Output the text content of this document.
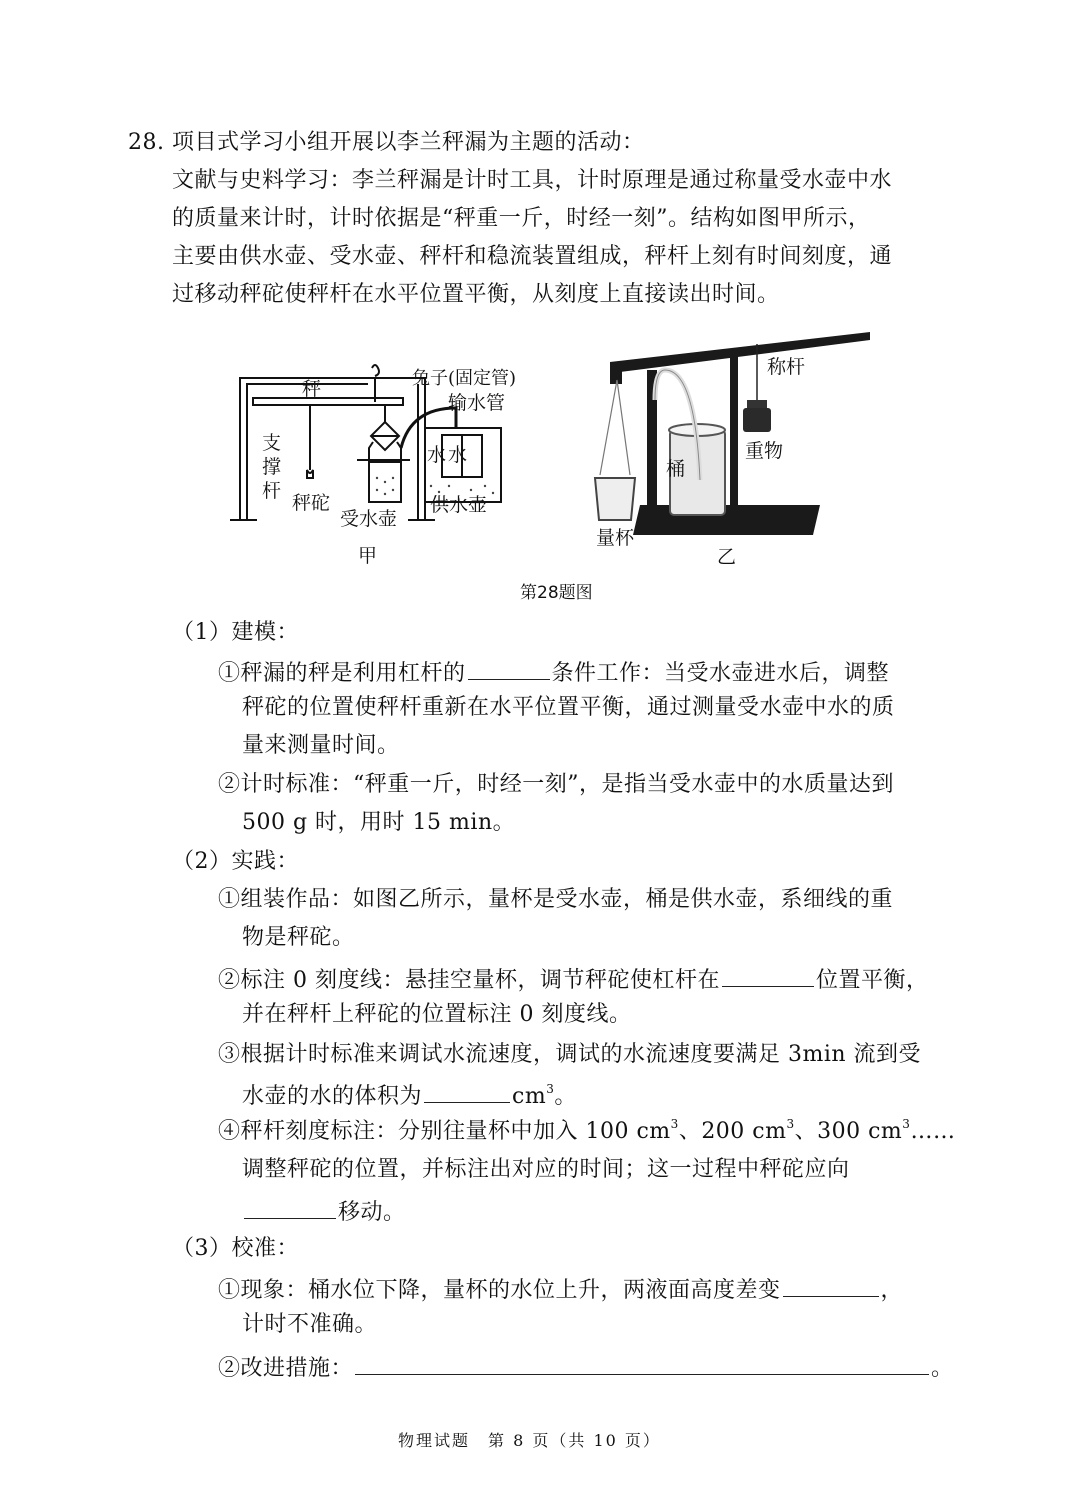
28. 项目式学习小组开展以李兰秤漏为主题的活动：
文献与史料学习：李兰秤漏是计时工具，计时原理是通过称量受水壶中水
的质量来计时，计时依据是“秤重一斤，时经一刻”。结构如图甲所示，
主要由供水壶、受水壶、秤杆和稳流装置组成，秤杆上刻有时间刻度，通
过移动秤砣使秤杆在水平位置平衡，从刻度上直接读出时间。
秤
支
撑
杆
秤砣
受水壶
兔子(固定管)
输水管
水 水
供水壶
甲
称杆
重物
桶
量杯
乙
第28题图
（1）建模：
①秤漏的秤是利用杠杆的	条件工作：当受水壶进水后，调整
秤砣的位置使秤杆重新在水平位置平衡，通过测量受水壶中水的质
量来测量时间。
②计时标准：“秤重一斤，时经一刻”，是指当受水壶中的水质量达到
500 g 时，用时 15 min。
（2）实践：
①组装作品：如图乙所示，量杯是受水壶，桶是供水壶，系细线的重
物是秤砣。
②标注 0 刻度线：悬挂空量杯，调节秤砣使杠杆在	位置平衡，
并在秤杆上秤砣的位置标注 0 刻度线。
③根据计时标准来调试水流速度，调试的水流速度要满足 3min 流到受
水壶的水的体积为	$cm^3$。
④秤杆刻度标注：分别往量杯中加入 100 $cm^3$、200 $cm^3$、300 $cm^3\dots\dots$
调整秤砣的位置，并标注出对应的时间；这一过程中秤砣应向
移动。
（3）校准：
①现象：桶水位下降，量杯的水位上升，两液面高度差变	，
计时不准确。
②改进措施：	。
物理试题　第 8 页（共 10 页）
